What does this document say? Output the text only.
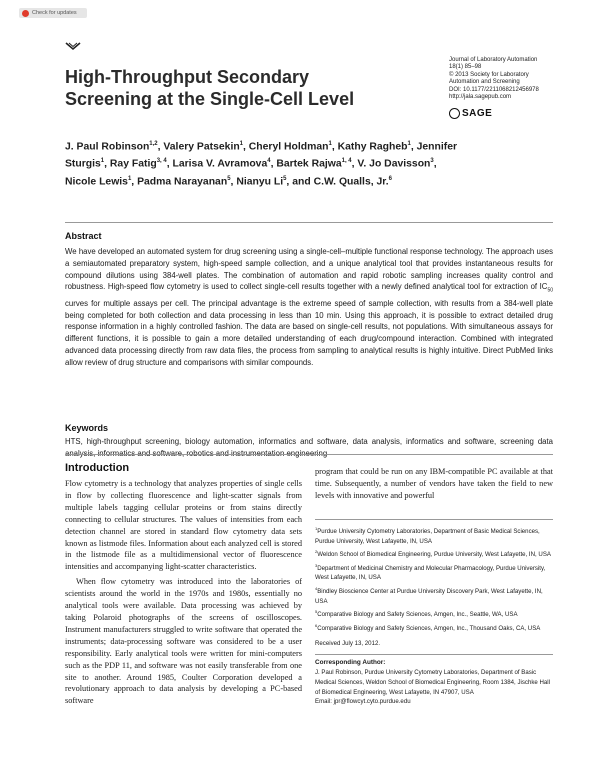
Check for updates
High-Throughput Secondary Screening at the Single-Cell Level
Journal of Laboratory Automation
18(1) 85–98
© 2013 Society for Laboratory
Automation and Screening
DOI: 10.1177/2211068212456978
http://jala.sagepub.com
SAGE
J. Paul Robinson$^{1,2}$, Valery Patsekin$^1$, Cheryl Holdman$^1$, Kathy Ragheb$^1$, Jennifer Sturgis$^1$, Ray Fatig$^{3, 4}$, Larisa V. Avramova$^4$, Bartek Rajwa$^{1, 4}$, V. Jo Davisson$^3$, Nicole Lewis$^1$, Padma Narayanan$^5$, Nianyu Li$^5$, and C.W. Qualls, Jr.$^6$
Abstract
We have developed an automated system for drug screening using a single-cell–multiple functional response technology. The approach uses a semiautomated preparatory system, high-speed sample collection, and a unique analytical tool that provides instantaneous results for compound dilutions using 384-well plates. The combination of automation and rapid robotic sampling increases quality control and robustness. High-speed flow cytometry is used to collect single-cell results together with a newly defined analytical tool for extraction of $IC_{50}$ curves for multiple assays per cell. The principal advantage is the extreme speed of sample collection, with results from a 384-well plate being completed for both collection and data processing in less than 10 min. Using this approach, it is possible to extract detailed drug response information in a highly controlled fashion. The data are based on single-cell results, not populations. With simultaneous assays for different functions, it is possible to gain a more detailed understanding of each drug/compound interaction. Combined with integrated advanced data processing directly from raw data files, the process from sampling to analytical results is highly intuitive. Direct PubMed links allow review of drug structure and comparisons with similar compounds.
Keywords
HTS, high-throughput screening, biology automation, informatics and software, data analysis, informatics and software, screening data analysis, informatics and software, robotics and instrumentation engineering
Introduction

Flow cytometry is a technology that analyzes properties of single cells in flow by collecting fluorescence and light-scatter signals from multiple labels tagging cellular proteins or from stains directly connecting to cellular structures. The values of intensities from each detection channel are stored in standard flow cytometry data sets known as listmode files. Information about each analyzed cell is stored in the listmode file as a multidimensional vector of fluorescence intensities and accompanying light-scatter characteristics.

When flow cytometry was introduced into the laboratories of scientists around the world in the 1970s and 1980s, essentially no analytical tools were available. Data processing was achieved by taking Polaroid photographs of the screens of oscilloscopes. Instrument manufacturers struggled to write software that operated the instruments; data-processing software was considered to be a user responsibility. Early analytical tools were written for mini-computers such as the PDP 11, and software was not easily transferable from one site to another. Around 1985, Coulter Corporation developed a revolutionary approach to data analysis by developing a PC-based software

program that could be run on any IBM-compatible PC available at that time. Subsequently, a number of vendors have taken the field to new levels with innovative and powerful
$^1$Purdue University Cytometry Laboratories, Department of Basic Medical Sciences, Purdue University, West Lafayette, IN, USA
$^2$Weldon School of Biomedical Engineering, Purdue University, West Lafayette, IN, USA
$^3$Department of Medicinal Chemistry and Molecular Pharmacology, Purdue University, West Lafayette, IN, USA
$^4$Bindley Bioscience Center at Purdue University Discovery Park, West Lafayette, IN, USA
$^5$Comparative Biology and Safety Sciences, Amgen, Inc., Seattle, WA, USA
$^6$Comparative Biology and Safety Sciences, Amgen, Inc., Thousand Oaks, CA, USA
Received July 13, 2012.
Corresponding Author:
J. Paul Robinson, Purdue University Cytometry Laboratories, Department of Basic Medical Sciences, Weldon School of Biomedical Engineering, Room 1384, Jischke Hall of Biomedical Engineering, West Lafayette, IN 47907, USA
Email: jpr@flowcyt.cyto.purdue.edu
